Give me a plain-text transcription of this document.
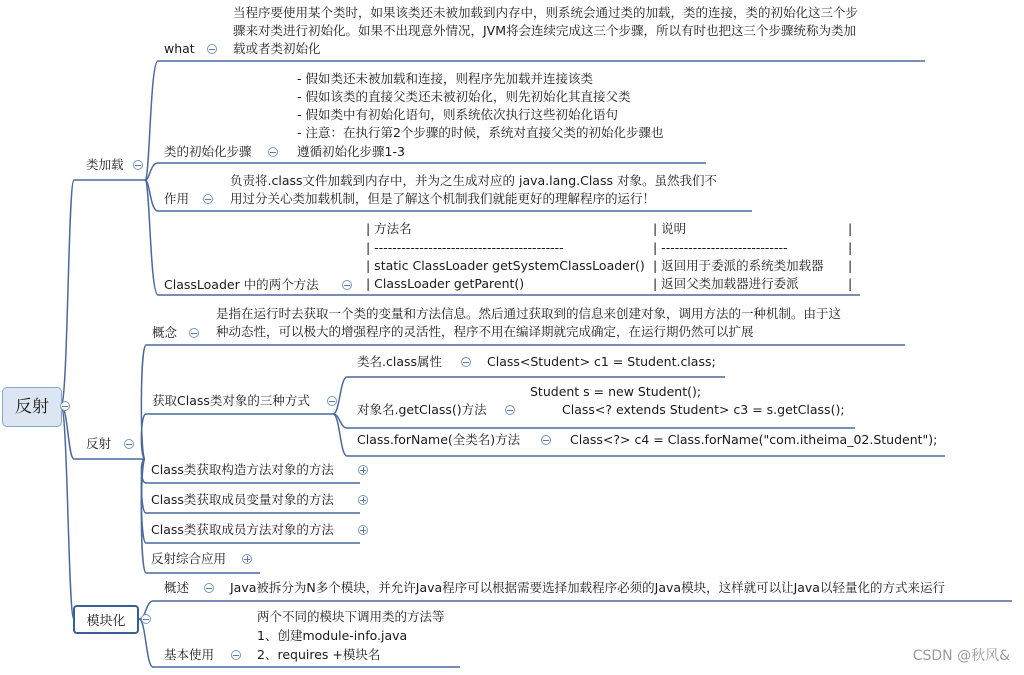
反射
类加载
what
当程序要使用某个类时，如果该类还未被加载到内存中，则系统会通过类的加载，类的连接，类的初始化这三个步
骤来对类进行初始化。如果不出现意外情况，JVM将会连续完成这三个步骤，所以有时也把这三个步骤统称为类加
载或者类初始化
类的初始化步骤
- 假如类还未被加载和连接，则程序先加载并连接该类
- 假如该类的直接父类还未被初始化，则先初始化其直接父类
- 假如类中有初始化语句，则系统依次执行这些初始化语句
- 注意：在执行第2个步骤的时候，系统对直接父类的初始化步骤也
遵循初始化步骤1-3
作用
负责将.class文件加载到内存中，并为之生成对应的 java.lang.Class 对象。虽然我们不
用过分关心类加载机制，但是了解这个机制我们就能更好的理解程序的运行！
ClassLoader 中的两个方法
| 方法名	| 说明	|
| ------------------------------------------	| ----------------------------	|
| static ClassLoader getSystemClassLoader() | 返回用于委派的系统类加载器 |
| ClassLoader getParent()	| 返回父类加载器进行委派	|
反射
概念
是指在运行时去获取一个类的变量和方法信息。然后通过获取到的信息来创建对象，调用方法的一种机制。由于这
种动态性，可以极大的增强程序的灵活性，程序不用在编译期就完成确定，在运行期仍然可以扩展
获取Class类对象的三种方式
类名.class属性	Class<Student> c1 = Student.class;
对象名.getClass()方法
Student s = new Student();
Class<? extends Student> c3 = s.getClass();
Class.forName(全类名)方法	Class<?> c4 = Class.forName("com.itheima_02.Student");
Class类获取构造方法对象的方法
Class类获取成员变量对象的方法
Class类获取成员方法对象的方法
反射综合应用
模块化
概述	Java被拆分为N多个模块，并允许Java程序可以根据需要选择加载程序必须的Java模块，这样就可以让Java以轻量化的方式来运行
基本使用
两个不同的模块下调用类的方法等
1、创建module-info.java
2、requires +模块名	CSDN @秋风&
